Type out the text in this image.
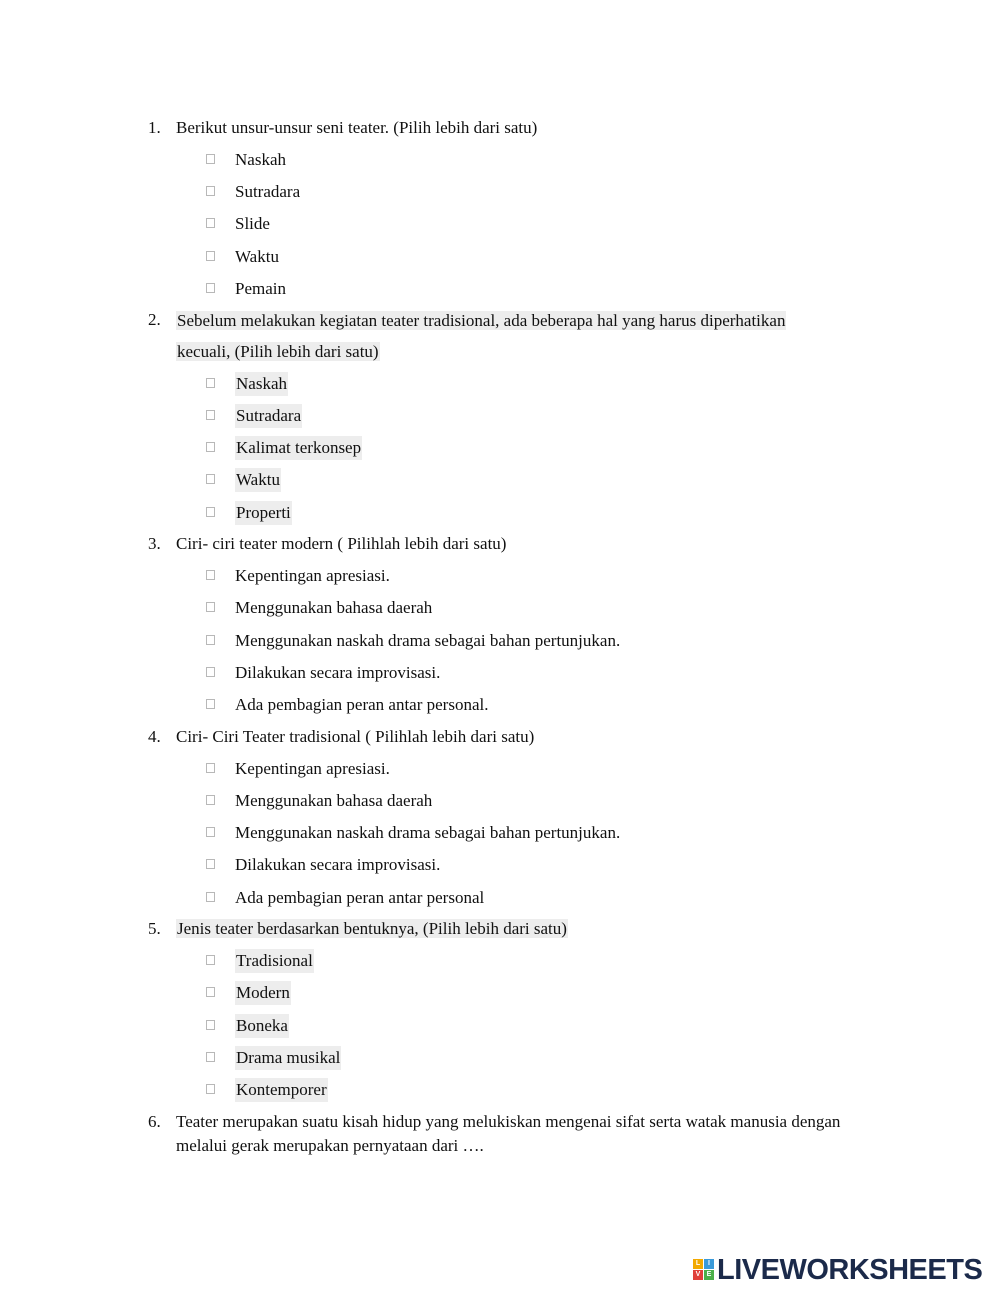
1. Berikut unsur-unsur seni teater. (Pilih lebih dari satu)
Naskah
Sutradara
Slide
Waktu
Pemain
2. Sebelum melakukan kegiatan teater tradisional, ada beberapa hal yang harus diperhatikan
kecuali, (Pilih lebih dari satu)
Naskah
Sutradara
Kalimat terkonsep
Waktu
Properti
3. Ciri- ciri teater modern ( Pilihlah lebih dari satu)
Kepentingan apresiasi.
Menggunakan bahasa daerah
Menggunakan naskah drama sebagai bahan pertunjukan.
Dilakukan secara improvisasi.
Ada pembagian peran antar personal.
4. Ciri- Ciri Teater tradisional ( Pilihlah lebih dari satu)
Kepentingan apresiasi.
Menggunakan bahasa daerah
Menggunakan naskah drama sebagai bahan pertunjukan.
Dilakukan secara improvisasi.
Ada pembagian peran antar personal
5. Jenis teater berdasarkan bentuknya, (Pilih lebih dari satu)
Tradisional
Modern
Boneka
Drama musikal
Kontemporer
6. Teater merupakan suatu kisah hidup yang melukiskan mengenai sifat serta watak manusia dengan
melalui gerak merupakan pernyataan dari ….
L	I
V E LIVEWORKSHEETS
